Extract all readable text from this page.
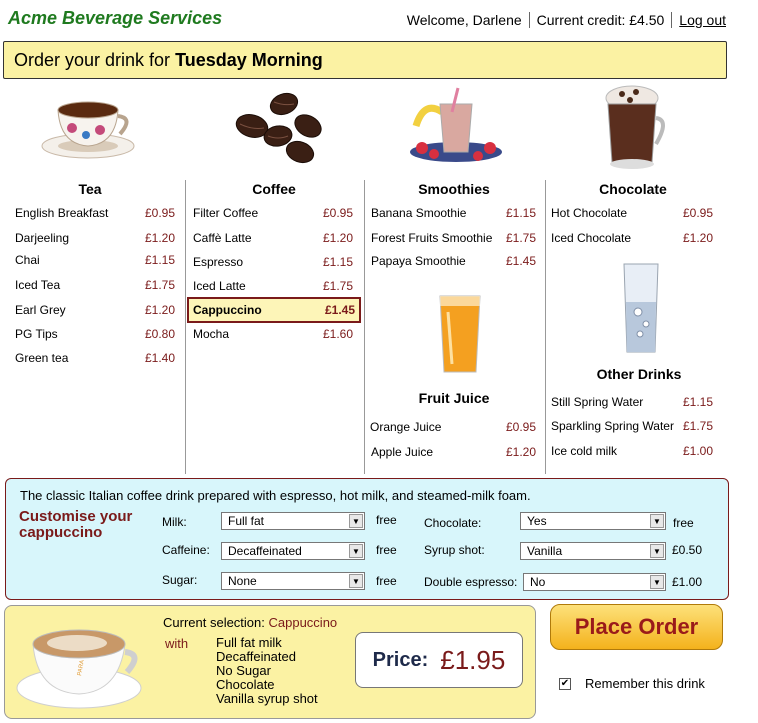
Acme Beverage Services	Welcome, Darlene Current credit: £4.50 Log out
Order your drink for Tuesday Morning
Tea	Coffee	Smoothies
Fruit Juice
Chocolate
Other Drinks
English Breakfast	£0.95
Darjeeling	£1.20
Chai	£1.15
Iced Tea	£1.75
Earl Grey	£1.20
PG Tips	£0.80
Green tea	£1.40
Filter Coffee	£0.95
Caffè Latte	£1.20
Espresso	£1.15
Iced Latte	£1.75
Cappuccino	£1.45
Mocha	£1.60
Banana Smoothie	£1.15
Forest Fruits Smoothie £1.75
Papaya Smoothie	£1.45
Orange Juice	£0.95
Apple Juice	£1.20
Hot Chocolate	£0.95
Iced Chocolate	£1.20
Still Spring Water	£1.15
Sparkling Spring Water £1.75
Ice cold milk	£1.00
The classic Italian coffee drink prepared with espresso, hot milk, and steamed-milk foam.
Customise your
cappuccino
Milk:	Full fat	▼ free
Caffeine: Decaffeinated	▼ free
Sugar:	None	▼ free
Chocolate:	Yes	▼ free
Syrup shot:	Vanilla	▼ £0.50
Double espresso: No	▼ £1.00
PARA
Current selection: Cappuccino
with Full fat milk
Decaffeinated
No Sugar
Chocolate
Vanilla syrup shot
Price: £1.95
Place Order
✔ Remember this drink
